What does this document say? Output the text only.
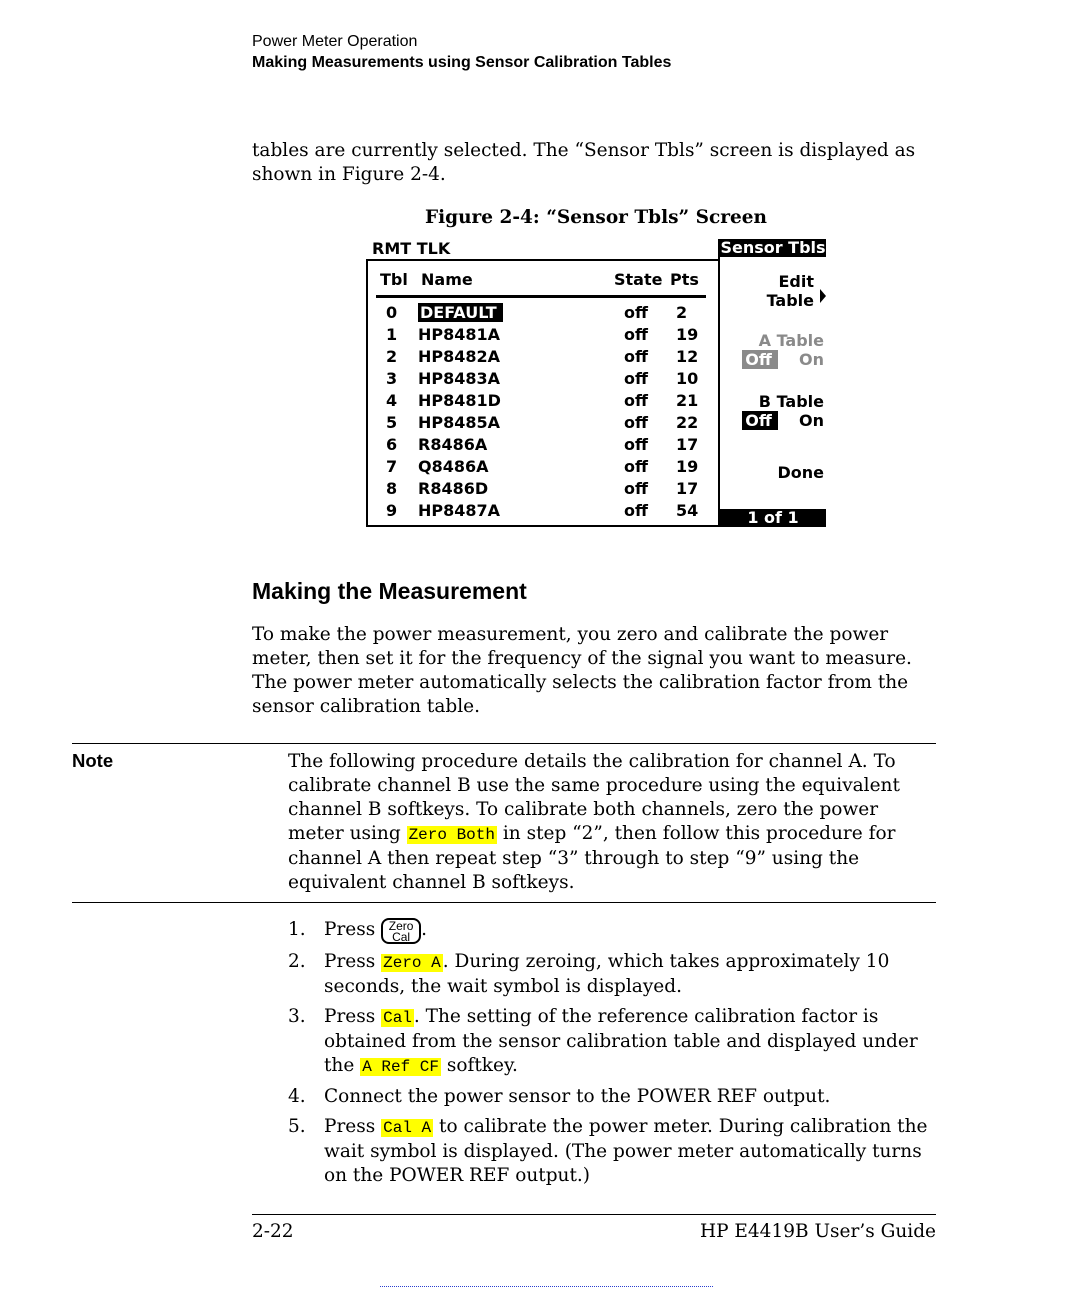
Power Meter Operation
Making Measurements using Sensor Calibration Tables
tables are currently selected. The “Sensor Tbls” screen is displayed as shown in Figure 2-4.
Figure 2-4: “Sensor Tbls” Screen
RMT TLK
Tbl Name	State Pts
0 DEFAULT	off 2
1 HP8481A	off 19
2 HP8482A	off 12
3 HP8483A	off 10
4 HP8481D	off 21
5 HP8485A	off 22
6 R8486A	off 17
7 Q8486A	off 19
8 R8486D	off 17
9 HP8487A	off 54
Sensor Tbls
Edit
Table
A Table
Off On
B Table
Off On
Done
1 of 1
Making the Measurement
To make the power measurement, you zero and calibrate the power meter, then set it for the frequency of the signal you want to measure. The power meter automatically selects the calibration factor from the sensor calibration table.
Note	The following procedure details the calibration for channel A. To calibrate channel B use the same procedure using the equivalent channel B softkeys. To calibrate both channels, zero the power meter using Zero Both in step “2”, then follow this procedure for channel A then repeat step “3” through to step “9” using the equivalent channel B softkeys.
1. Press Zero
Cal .
2. Press Zero A . During zeroing, which takes approximately 10 seconds, the wait symbol is displayed.
3. Press Cal . The setting of the reference calibration factor is obtained from the sensor calibration table and displayed under the A Ref CF softkey.
4. Connect the power sensor to the POWER REF output.
5. Press Cal A to calibrate the power meter. During calibration the wait symbol is displayed. (The power meter automatically turns on the POWER REF output.)
2-22	HP E4419B User’s Guide
